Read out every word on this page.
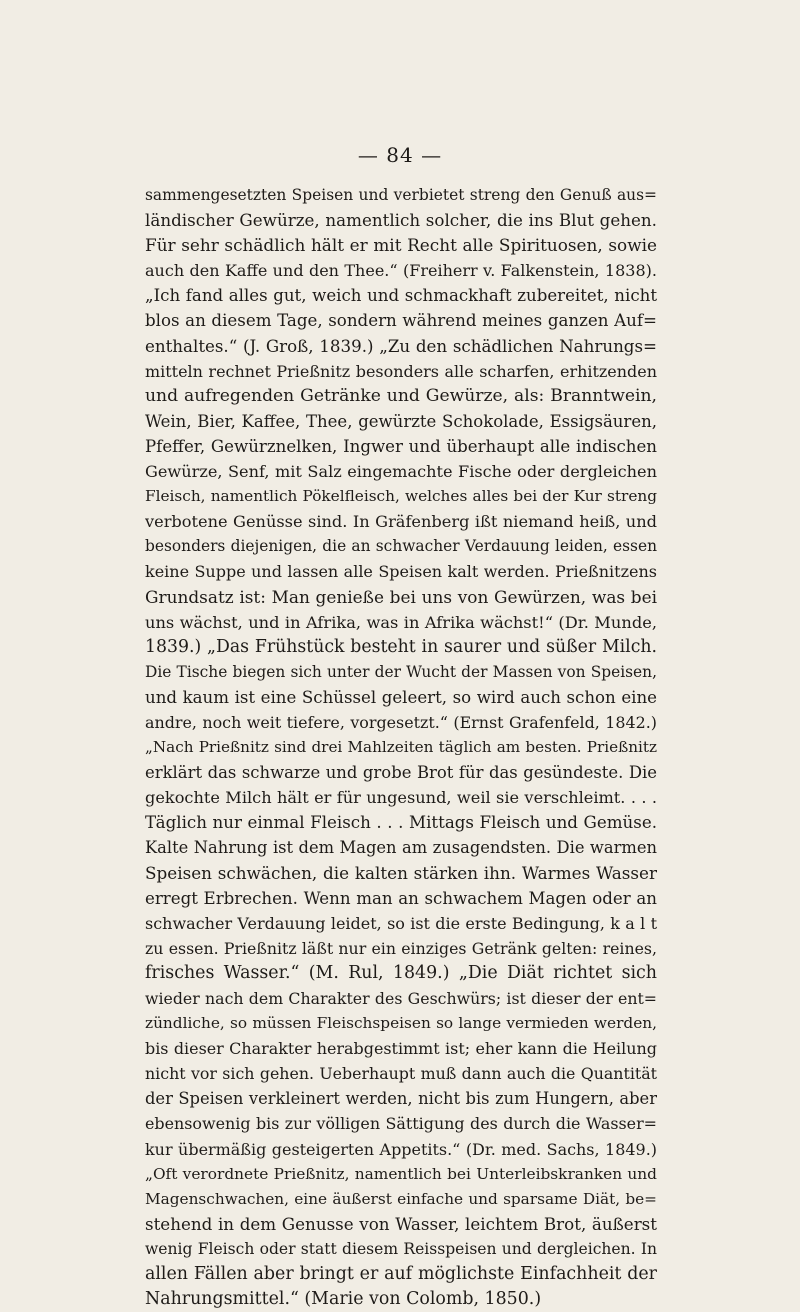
— 84 —
sammengesetzten Speisen und verbietet streng den Genuß aus=
ländischer Gewürze, namentlich solcher, die ins Blut gehen.
Für sehr schädlich hält er mit Recht alle Spirituosen, sowie
auch den Kaffe und den Thee.“ (Freiherr v. Falkenstein, 1838).
„Ich fand alles gut, weich und schmackhaft zubereitet, nicht
blos an diesem Tage, sondern während meines ganzen Auf=
enthaltes.“ (J. Groß, 1839.) „Zu den schädlichen Nahrungs=
mitteln rechnet Prießnitz besonders alle scharfen, erhitzenden
und aufregenden Getränke und Gewürze, als: Branntwein,
Wein, Bier, Kaffee, Thee, gewürzte Schokolade, Essigsäuren,
Pfeffer, Gewürznelken, Ingwer und überhaupt alle indischen
Gewürze, Senf, mit Salz eingemachte Fische oder dergleichen
Fleisch, namentlich Pökelfleisch, welches alles bei der Kur streng
verbotene Genüsse sind. In Gräfenberg ißt niemand heiß, und
besonders diejenigen, die an schwacher Verdauung leiden, essen
keine Suppe und lassen alle Speisen kalt werden. Prießnitzens
Grundsatz ist: Man genieße bei uns von Gewürzen, was bei
uns wächst, und in Afrika, was in Afrika wächst!“ (Dr. Munde,
1839.) „Das Frühstück besteht in saurer und süßer Milch.
Die Tische biegen sich unter der Wucht der Massen von Speisen,
und kaum ist eine Schüssel geleert, so wird auch schon eine
andre, noch weit tiefere, vorgesetzt.“ (Ernst Grafenfeld, 1842.)
„Nach Prießnitz sind drei Mahlzeiten täglich am besten. Prießnitz
erklärt das schwarze und grobe Brot für das gesündeste. Die
gekochte Milch hält er für ungesund, weil sie verschleimt. . . .
Täglich nur einmal Fleisch . . . Mittags Fleisch und Gemüse.
Kalte Nahrung ist dem Magen am zusagendsten. Die warmen
Speisen schwächen, die kalten stärken ihn. Warmes Wasser
erregt Erbrechen. Wenn man an schwachem Magen oder an
schwacher Verdauung leidet, so ist die erste Bedingung, k a l t
zu essen. Prießnitz läßt nur ein einziges Getränk gelten: reines,
frisches Wasser.“ (M. Rul, 1849.) „Die Diät richtet sich
wieder nach dem Charakter des Geschwürs; ist dieser der ent=
zündliche, so müssen Fleischspeisen so lange vermieden werden,
bis dieser Charakter herabgestimmt ist; eher kann die Heilung
nicht vor sich gehen. Ueberhaupt muß dann auch die Quantität
der Speisen verkleinert werden, nicht bis zum Hungern, aber
ebensowenig bis zur völligen Sättigung des durch die Wasser=
kur übermäßig gesteigerten Appetits.“ (Dr. med. Sachs, 1849.)
„Oft verordnete Prießnitz, namentlich bei Unterleibskranken und
Magenschwachen, eine äußerst einfache und sparsame Diät, be=
stehend in dem Genusse von Wasser, leichtem Brot, äußerst
wenig Fleisch oder statt diesem Reisspeisen und dergleichen. In
allen Fällen aber bringt er auf möglichste Einfachheit der
Nahrungsmittel.“ (Marie von Colomb, 1850.)
